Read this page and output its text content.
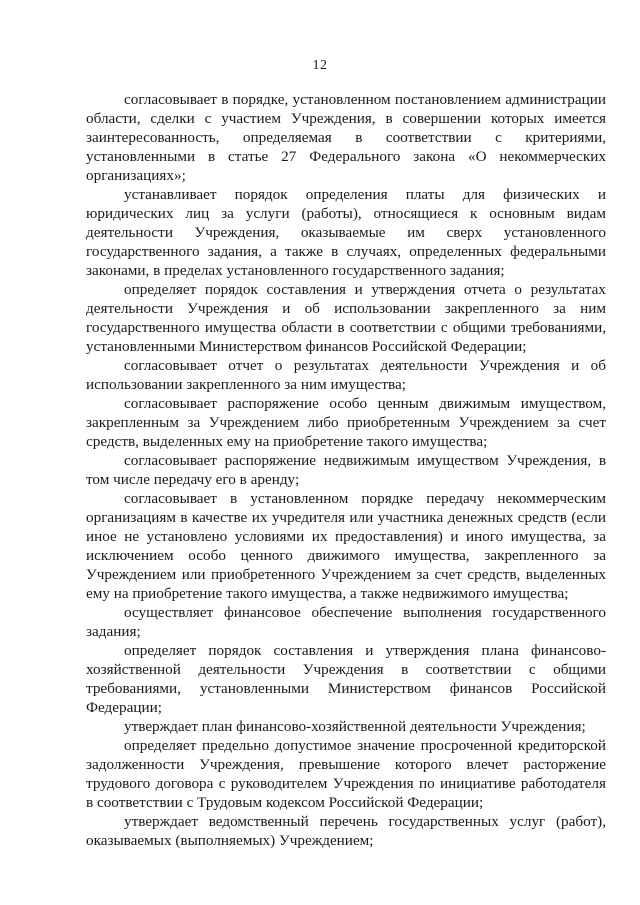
12

согласовывает в порядке, установленном постановлением администрации области, сделки с участием Учреждения, в совершении которых имеется заинтересованность, определяемая в соответствии с критериями, установленными в статье 27 Федерального закона «О некоммерческих организациях»;

устанавливает порядок определения платы для физических и юридических лиц за услуги (работы), относящиеся к основным видам деятельности Учреждения, оказываемые им сверх установленного государственного задания, а также в случаях, определенных федеральными законами, в пределах установленного государственного задания;

определяет порядок составления и утверждения отчета о результатах деятельности Учреждения и об использовании закрепленного за ним государственного имущества области в соответствии с общими требованиями, установленными Министерством финансов Российской Федерации;

согласовывает отчет о результатах деятельности Учреждения и об использовании закрепленного за ним имущества;

согласовывает распоряжение особо ценным движимым имуществом, закрепленным за Учреждением либо приобретенным Учреждением за счет средств, выделенных ему на приобретение такого имущества;

согласовывает распоряжение недвижимым имуществом Учреждения, в том числе передачу его в аренду;

согласовывает в установленном порядке передачу некоммерческим организациям в качестве их учредителя или участника денежных средств (если иное не установлено условиями их предоставления) и иного имущества, за исключением особо ценного движимого имущества, закрепленного за Учреждением или приобретенного Учреждением за счет средств, выделенных ему на приобретение такого имущества, а также недвижимого имущества;

осуществляет финансовое обеспечение выполнения государственного задания;

определяет порядок составления и утверждения плана финансово-хозяйственной деятельности Учреждения в соответствии с общими требованиями, установленными Министерством финансов Российской Федерации;

утверждает план финансово-хозяйственной деятельности Учреждения;

определяет предельно допустимое значение просроченной кредиторской задолженности Учреждения, превышение которого влечет расторжение трудового договора с руководителем Учреждения по инициативе работодателя в соответствии с Трудовым кодексом Российской Федерации;

утверждает ведомственный перечень государственных услуг (работ), оказываемых (выполняемых) Учреждением;
